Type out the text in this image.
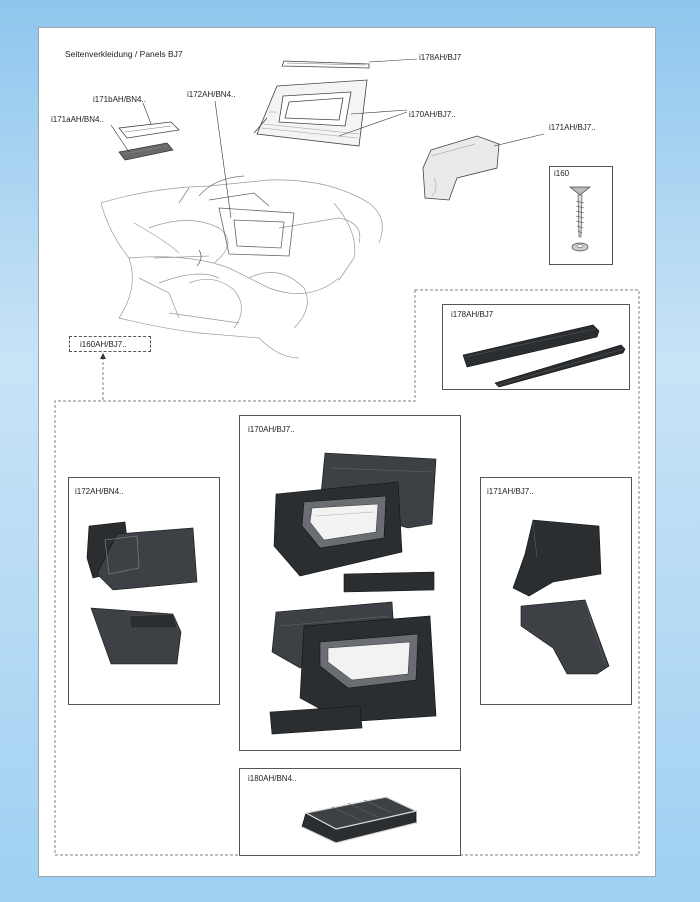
Seitenverkleidung / Panels BJ7	i178AH/BJ7
i172AH/BN4..
i171bAH/BN4..
i171aAH/BN4..
i170AH/BJ7..
i171AH/BJ7..
i160
i160AH/BJ7..
i178AH/BJ7
i170AH/BJ7..
i172AH/BN4..	i171AH/BJ7..
i180AH/BN4..
